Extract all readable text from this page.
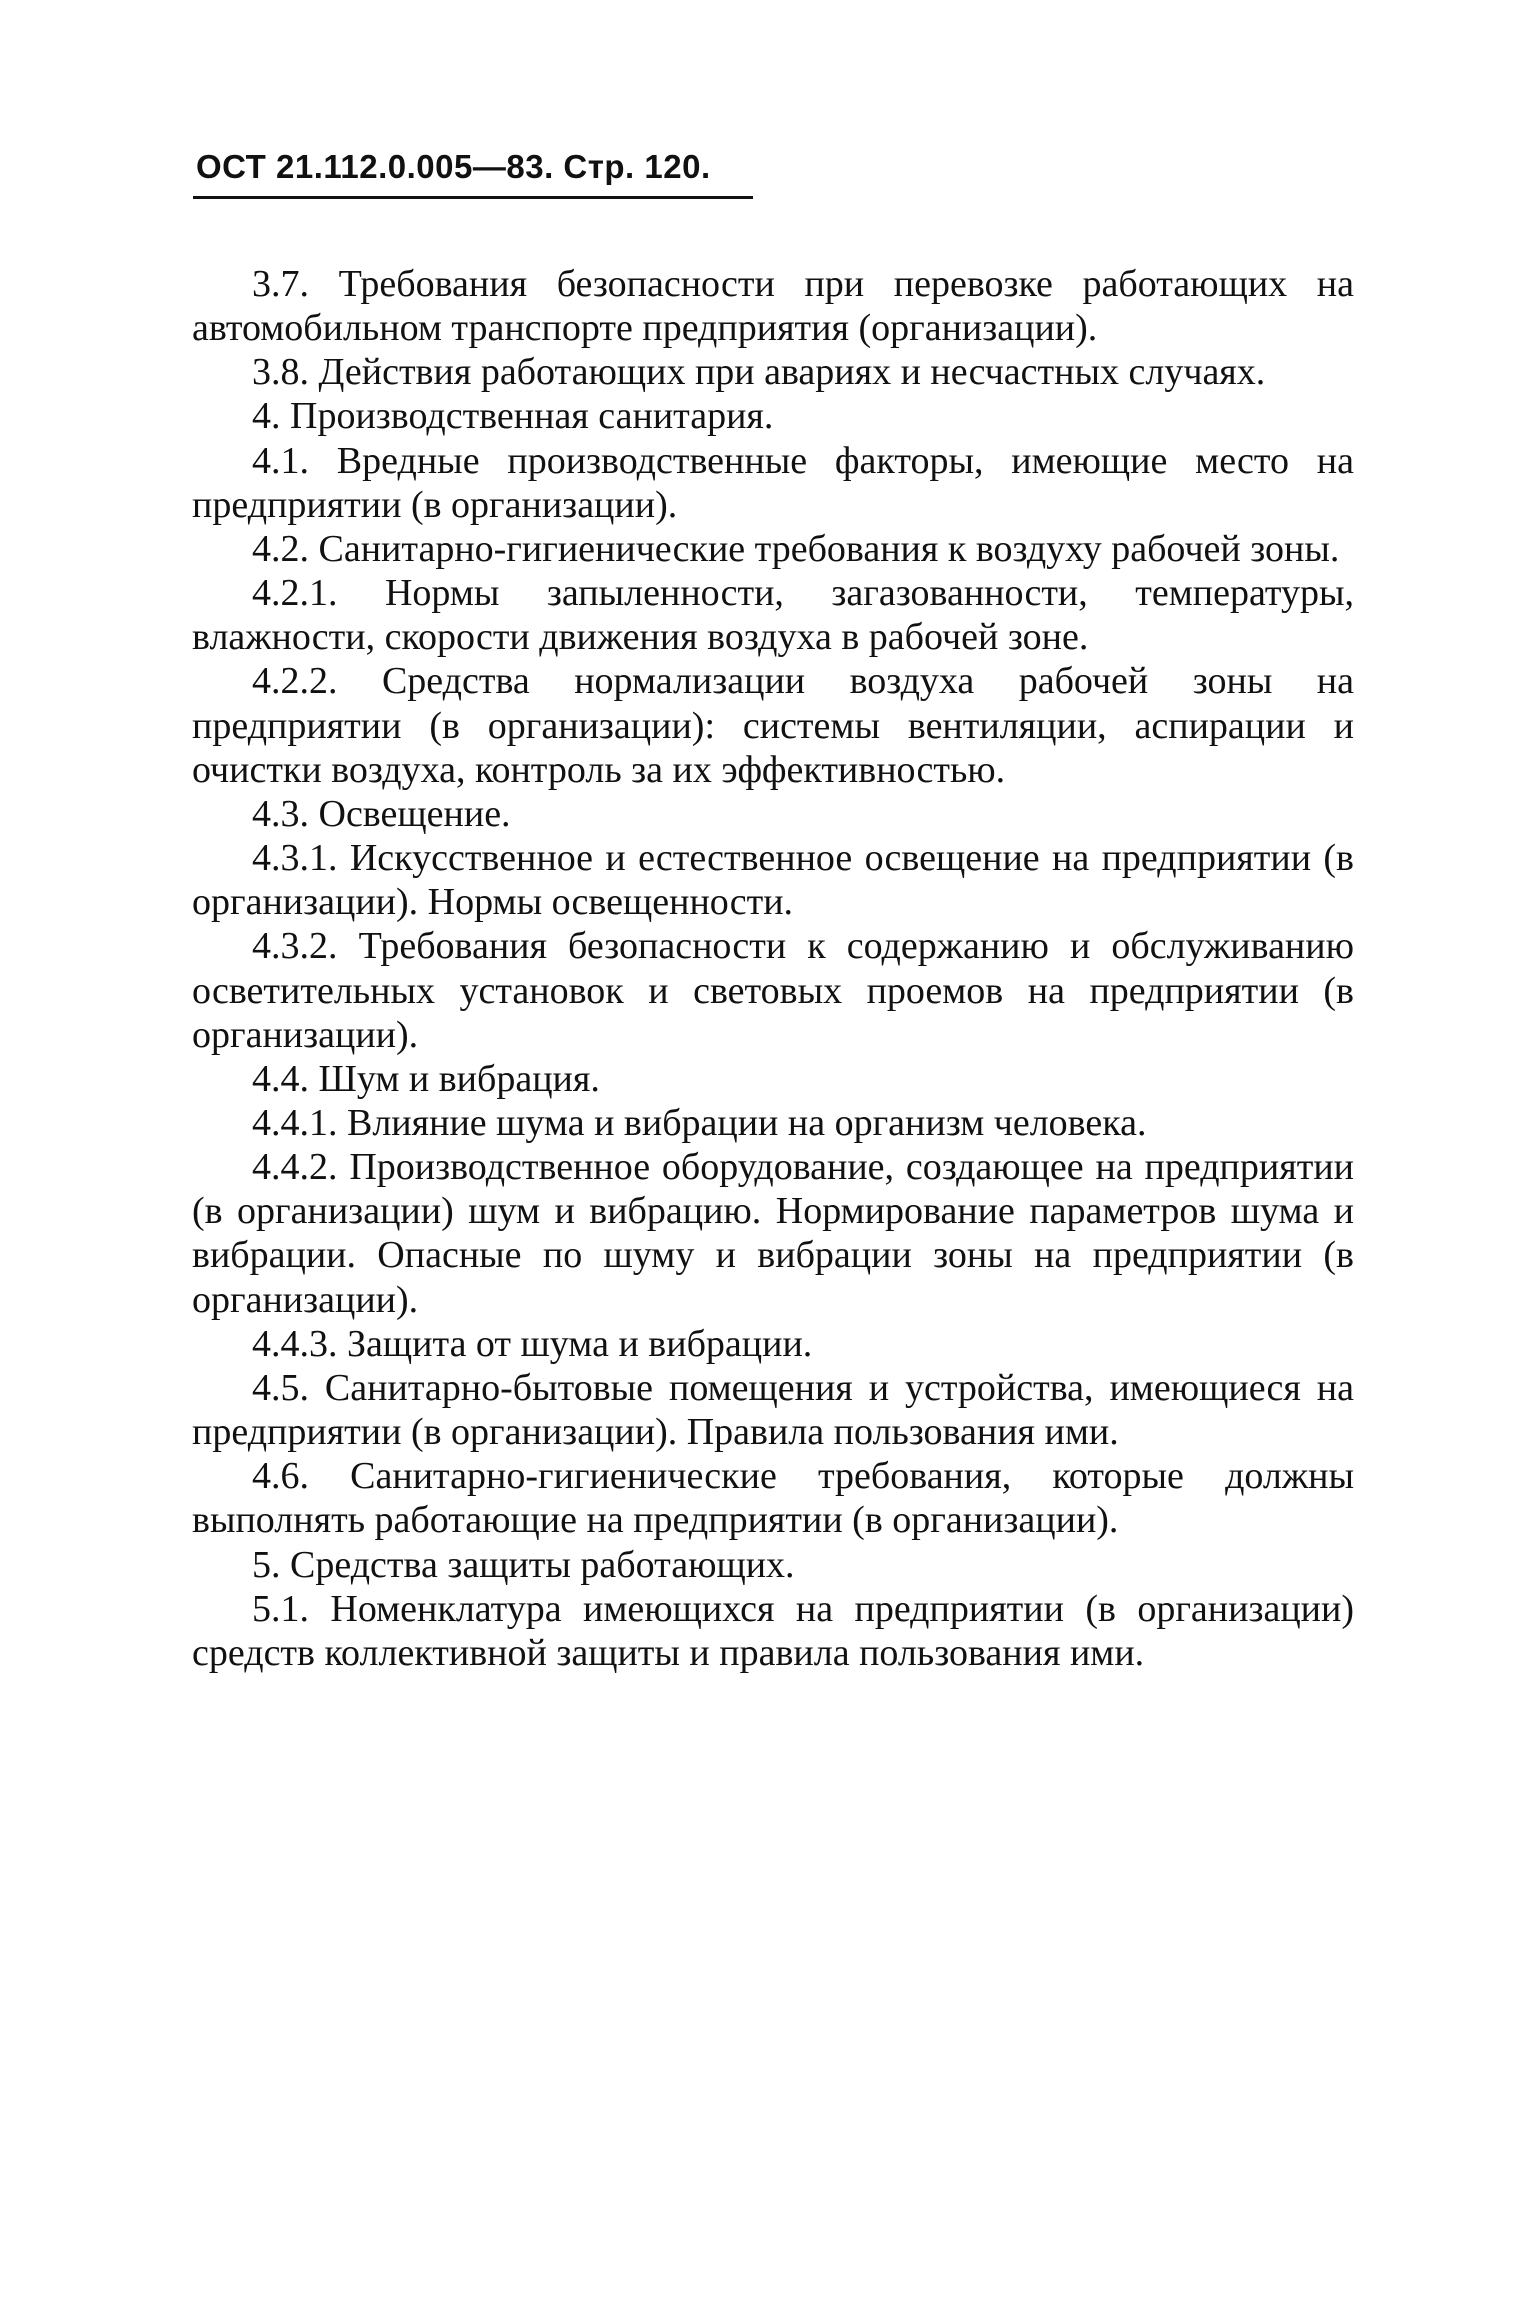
ОСТ 21.112.0.005—83. Стр. 120.

3.7. Требования безопасности при перевозке работающих на автомобильном транспорте предприятия (организации).

3.8. Действия работающих при авариях и несчастных случаях.

4. Производственная санитария.

4.1. Вредные производственные факторы, имеющие место на предприятии (в организации).

4.2. Санитарно-гигиенические требования к воздуху рабочей зоны.

4.2.1. Нормы запыленности, загазованности, температуры, влажности, скорости движения воздуха в рабочей зоне.

4.2.2. Средства нормализации воздуха рабочей зоны на предприятии (в организации): системы вентиляции, аспирации и очистки воздуха, контроль за их эффективностью.

4.3. Освещение.

4.3.1. Искусственное и естественное освещение на предприятии (в организации). Нормы освещенности.

4.3.2. Требования безопасности к содержанию и обслуживанию осветительных установок и световых проемов на предприятии (в организации).

4.4. Шум и вибрация.

4.4.1. Влияние шума и вибрации на организм человека.

4.4.2. Производственное оборудование, создающее на предприятии (в организации) шум и вибрацию. Нормирование параметров шума и вибрации. Опасные по шуму и вибрации зоны на предприятии (в организации).

4.4.3. Защита от шума и вибрации.

4.5. Санитарно-бытовые помещения и устройства, имеющиеся на предприятии (в организации). Правила пользования ими.

4.6. Санитарно-гигиенические требования, которые должны выполнять работающие на предприятии (в организации).

5. Средства защиты работающих.

5.1. Номенклатура имеющихся на предприятии (в организации) средств коллективной защиты и правила пользования ими.
